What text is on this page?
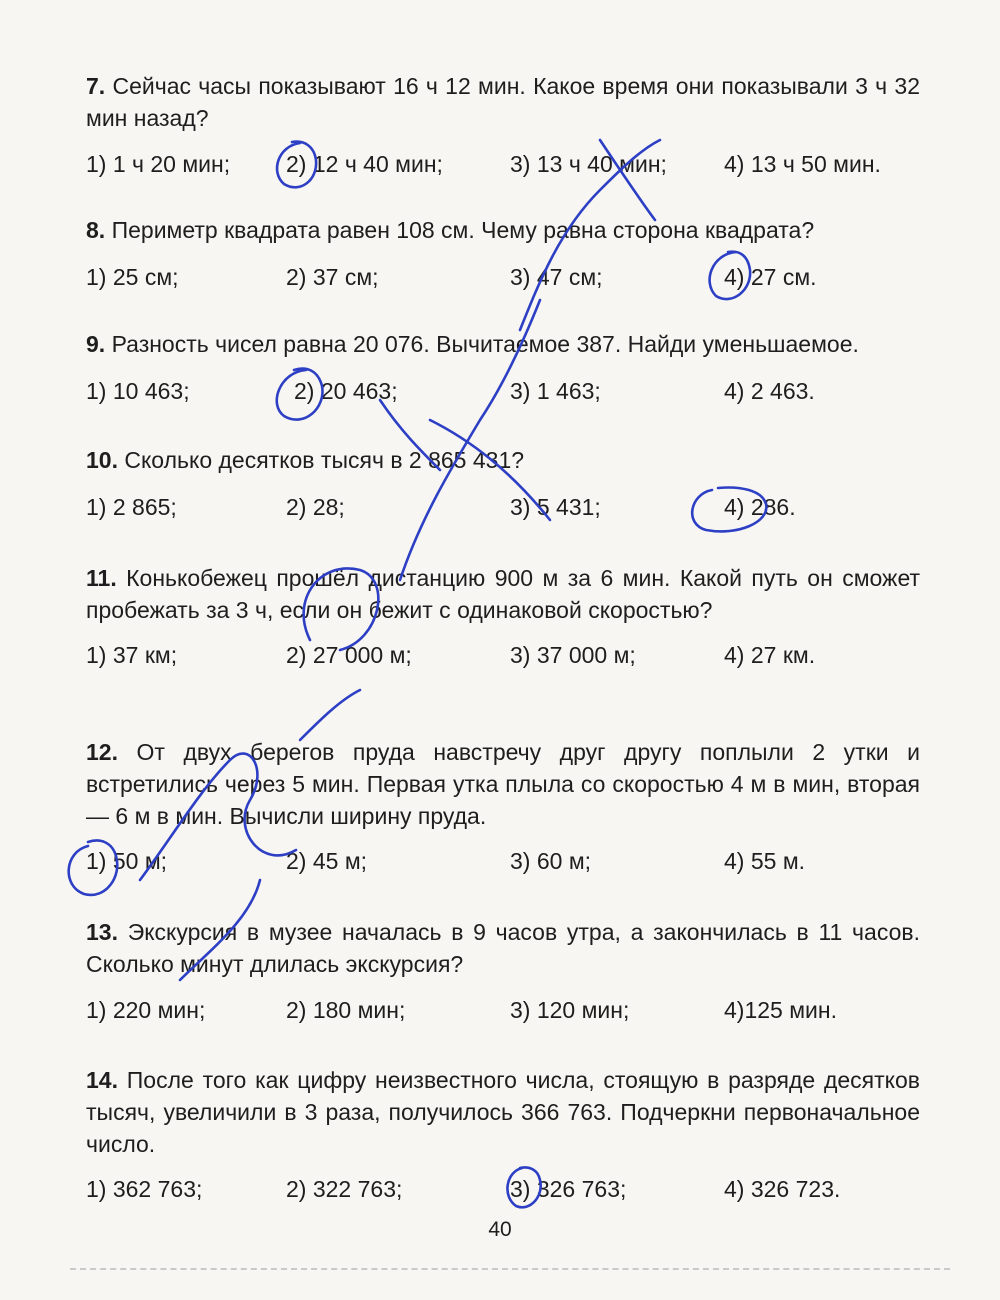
7. Сейчас часы показывают 16 ч 12 мин. Какое время они показывали 3 ч 32 мин назад?

1) 1 ч 20 мин; 2) 12 ч 40 мин;	3) 13 ч 40 мин; 4) 13 ч 50 мин.

8. Периметр квадрата равен 108 см. Чему равна сторона квадрата?

1) 25 см;	2) 37 см;	3) 47 см;	4) 27 см.

9. Разность чисел равна 20 076. Вычитаемое 387. Найди уменьшаемое.

1) 10 463;	2) 20 463;	3) 1 463;	4) 2 463.

10. Сколько десятков тысяч в 2 865 431?

1) 2 865;	2) 28;	3) 5 431;	4) 286.

11. Конькобежец прошёл дистанцию 900 м за 6 мин. Какой путь он сможет пробежать за 3 ч, если он бежит с одинаковой скоростью?

1) 37 км;	2) 27 000 м;	3) 37 000 м;	4) 27 км.

12. От двух берегов пруда навстречу друг другу поплыли 2 утки и встретились через 5 мин. Первая утка плыла со скоростью 4 м в мин, вторая — 6 м в мин. Вычисли ширину пруда.

1) 50 м;	2) 45 м;	3) 60 м;	4) 55 м.

13. Экскурсия в музее началась в 9 часов утра, а закончилась в 11 часов. Сколько минут длилась экскурсия?

1) 220 мин;	2) 180 мин;	3) 120 мин;	4)125 мин.

14. После того как цифру неизвестного числа, стоящую в разряде десятков тысяч, увеличили в 3 раза, получилось 366 763. Подчеркни первоначальное число.

1) 362 763;	2) 322 763;	3) 326 763;	4) 326 723.
40
